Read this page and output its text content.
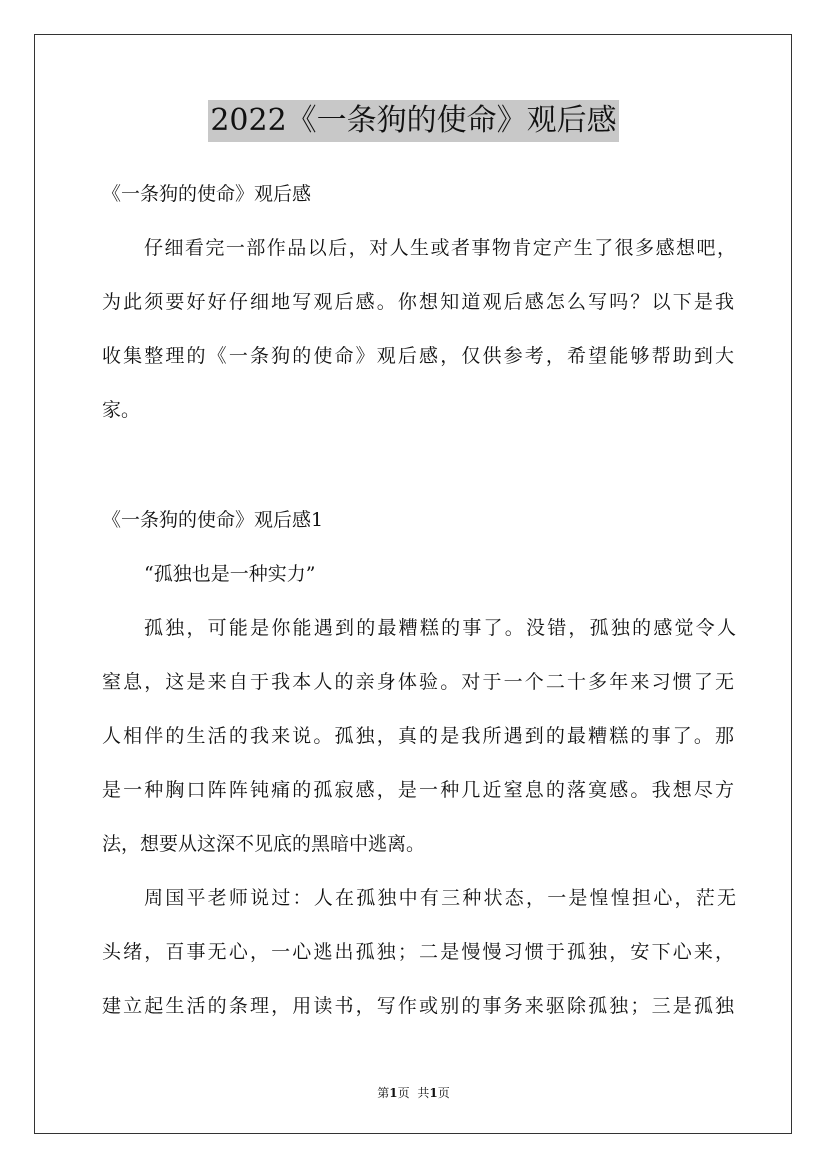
2022《一条狗的使命》观后感
《一条狗的使命》观后感
仔细看完一部作品以后，对人生或者事物肯定产生了很多感想吧，
为此须要好好仔细地写观后感。你想知道观后感怎么写吗？以下是我
收集整理的《一条狗的使命》观后感，仅供参考，希望能够帮助到大
家。
《一条狗的使命》观后感1
“孤独也是一种实力”
孤独，可能是你能遇到的最糟糕的事了。没错，孤独的感觉令人
窒息，这是来自于我本人的亲身体验。对于一个二十多年来习惯了无
人相伴的生活的我来说。孤独，真的是我所遇到的最糟糕的事了。那
是一种胸口阵阵钝痛的孤寂感，是一种几近窒息的落寞感。我想尽方
法，想要从这深不见底的黑暗中逃离。
周国平老师说过：人在孤独中有三种状态，一是惶惶担心，茫无
头绪，百事无心，一心逃出孤独；二是慢慢习惯于孤独，安下心来，
建立起生活的条理，用读书，写作或别的事务来驱除孤独；三是孤独
第1页 共1页
